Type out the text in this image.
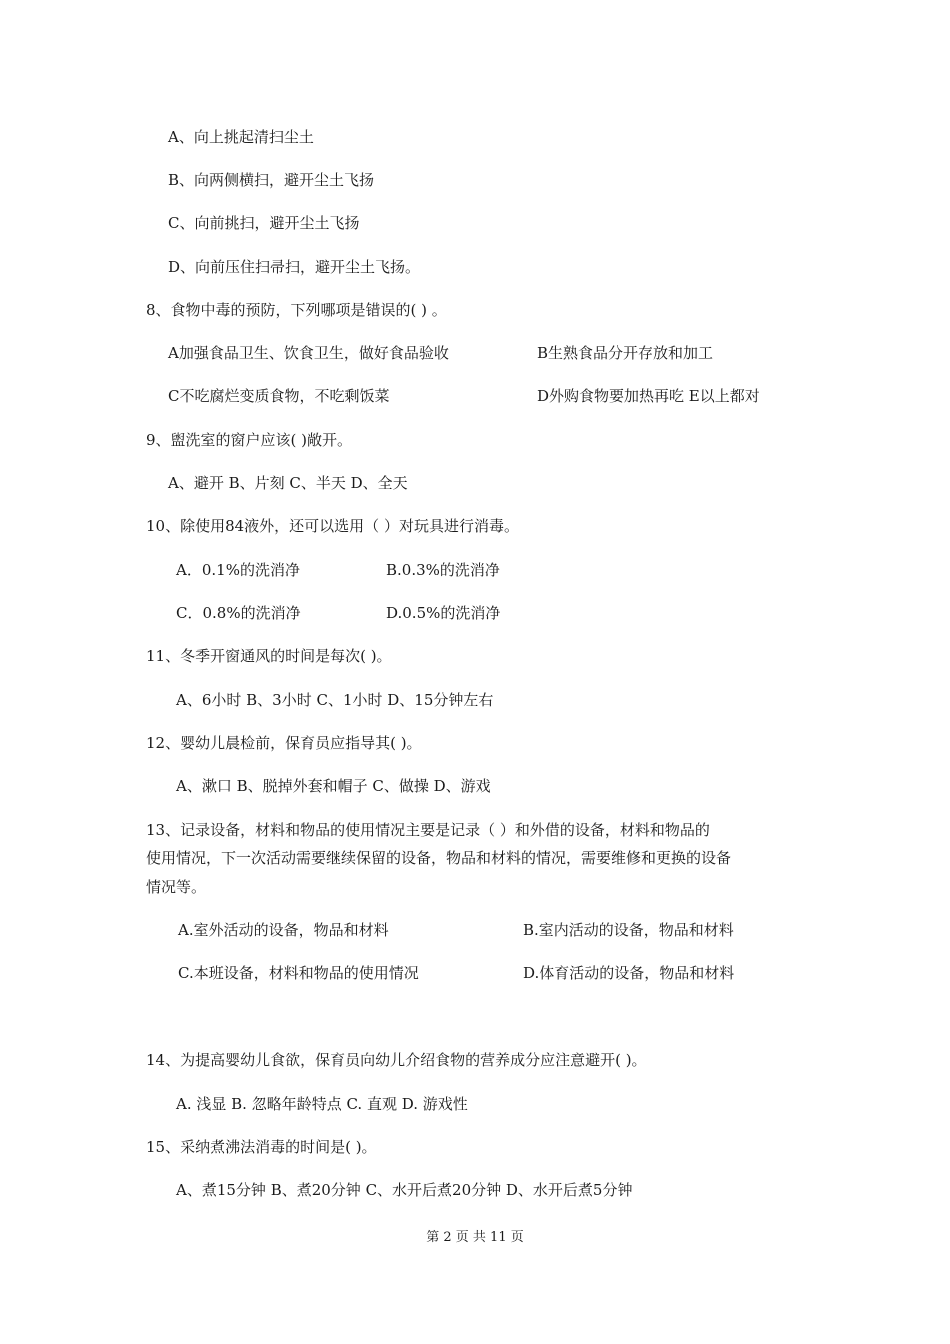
A、向上挑起清扫尘土
B、向两侧横扫，避开尘土飞扬
C、向前挑扫，避开尘土飞扬
D、向前压住扫帚扫，避开尘土飞扬。
8、食物中毒的预防，下列哪项是错误的( ) 。
A加强食品卫生、饮食卫生，做好食品验收	B生熟食品分开存放和加工
C不吃腐烂变质食物，不吃剩饭菜	D外购食物要加热再吃 E以上都对
9、盥洗室的窗户应该( )敞开。
A、避开 B、片刻 C、半天 D、全天
10、除使用84液外，还可以选用（ ）对玩具进行消毒。
A．0.1%的洗消净	B.0.3%的洗消净
C．0.8%的洗消净	D.0.5%的洗消净
11、冬季开窗通风的时间是每次( )。
A、6小时 B、3小时 C、1小时 D、15分钟左右
12、婴幼儿晨检前，保育员应指导其( )。
A、漱口 B、脱掉外套和帽子 C、做操 D、游戏
13、记录设备，材料和物品的使用情况主要是记录（ ）和外借的设备，材料和物品的
使用情况，下一次活动需要继续保留的设备，物品和材料的情况，需要维修和更换的设备
情况等。
A.室外活动的设备，物品和材料	B.室内活动的设备，物品和材料
C.本班设备，材料和物品的使用情况	D.体育活动的设备，物品和材料
14、为提高婴幼儿食欲，保育员向幼儿介绍食物的营养成分应注意避开( )。
A. 浅显 B. 忽略年龄特点 C. 直观 D. 游戏性
15、采纳煮沸法消毒的时间是( )。
A、煮15分钟 B、煮20分钟 C、水开后煮20分钟 D、水开后煮5分钟
第 2 页 共 11 页
